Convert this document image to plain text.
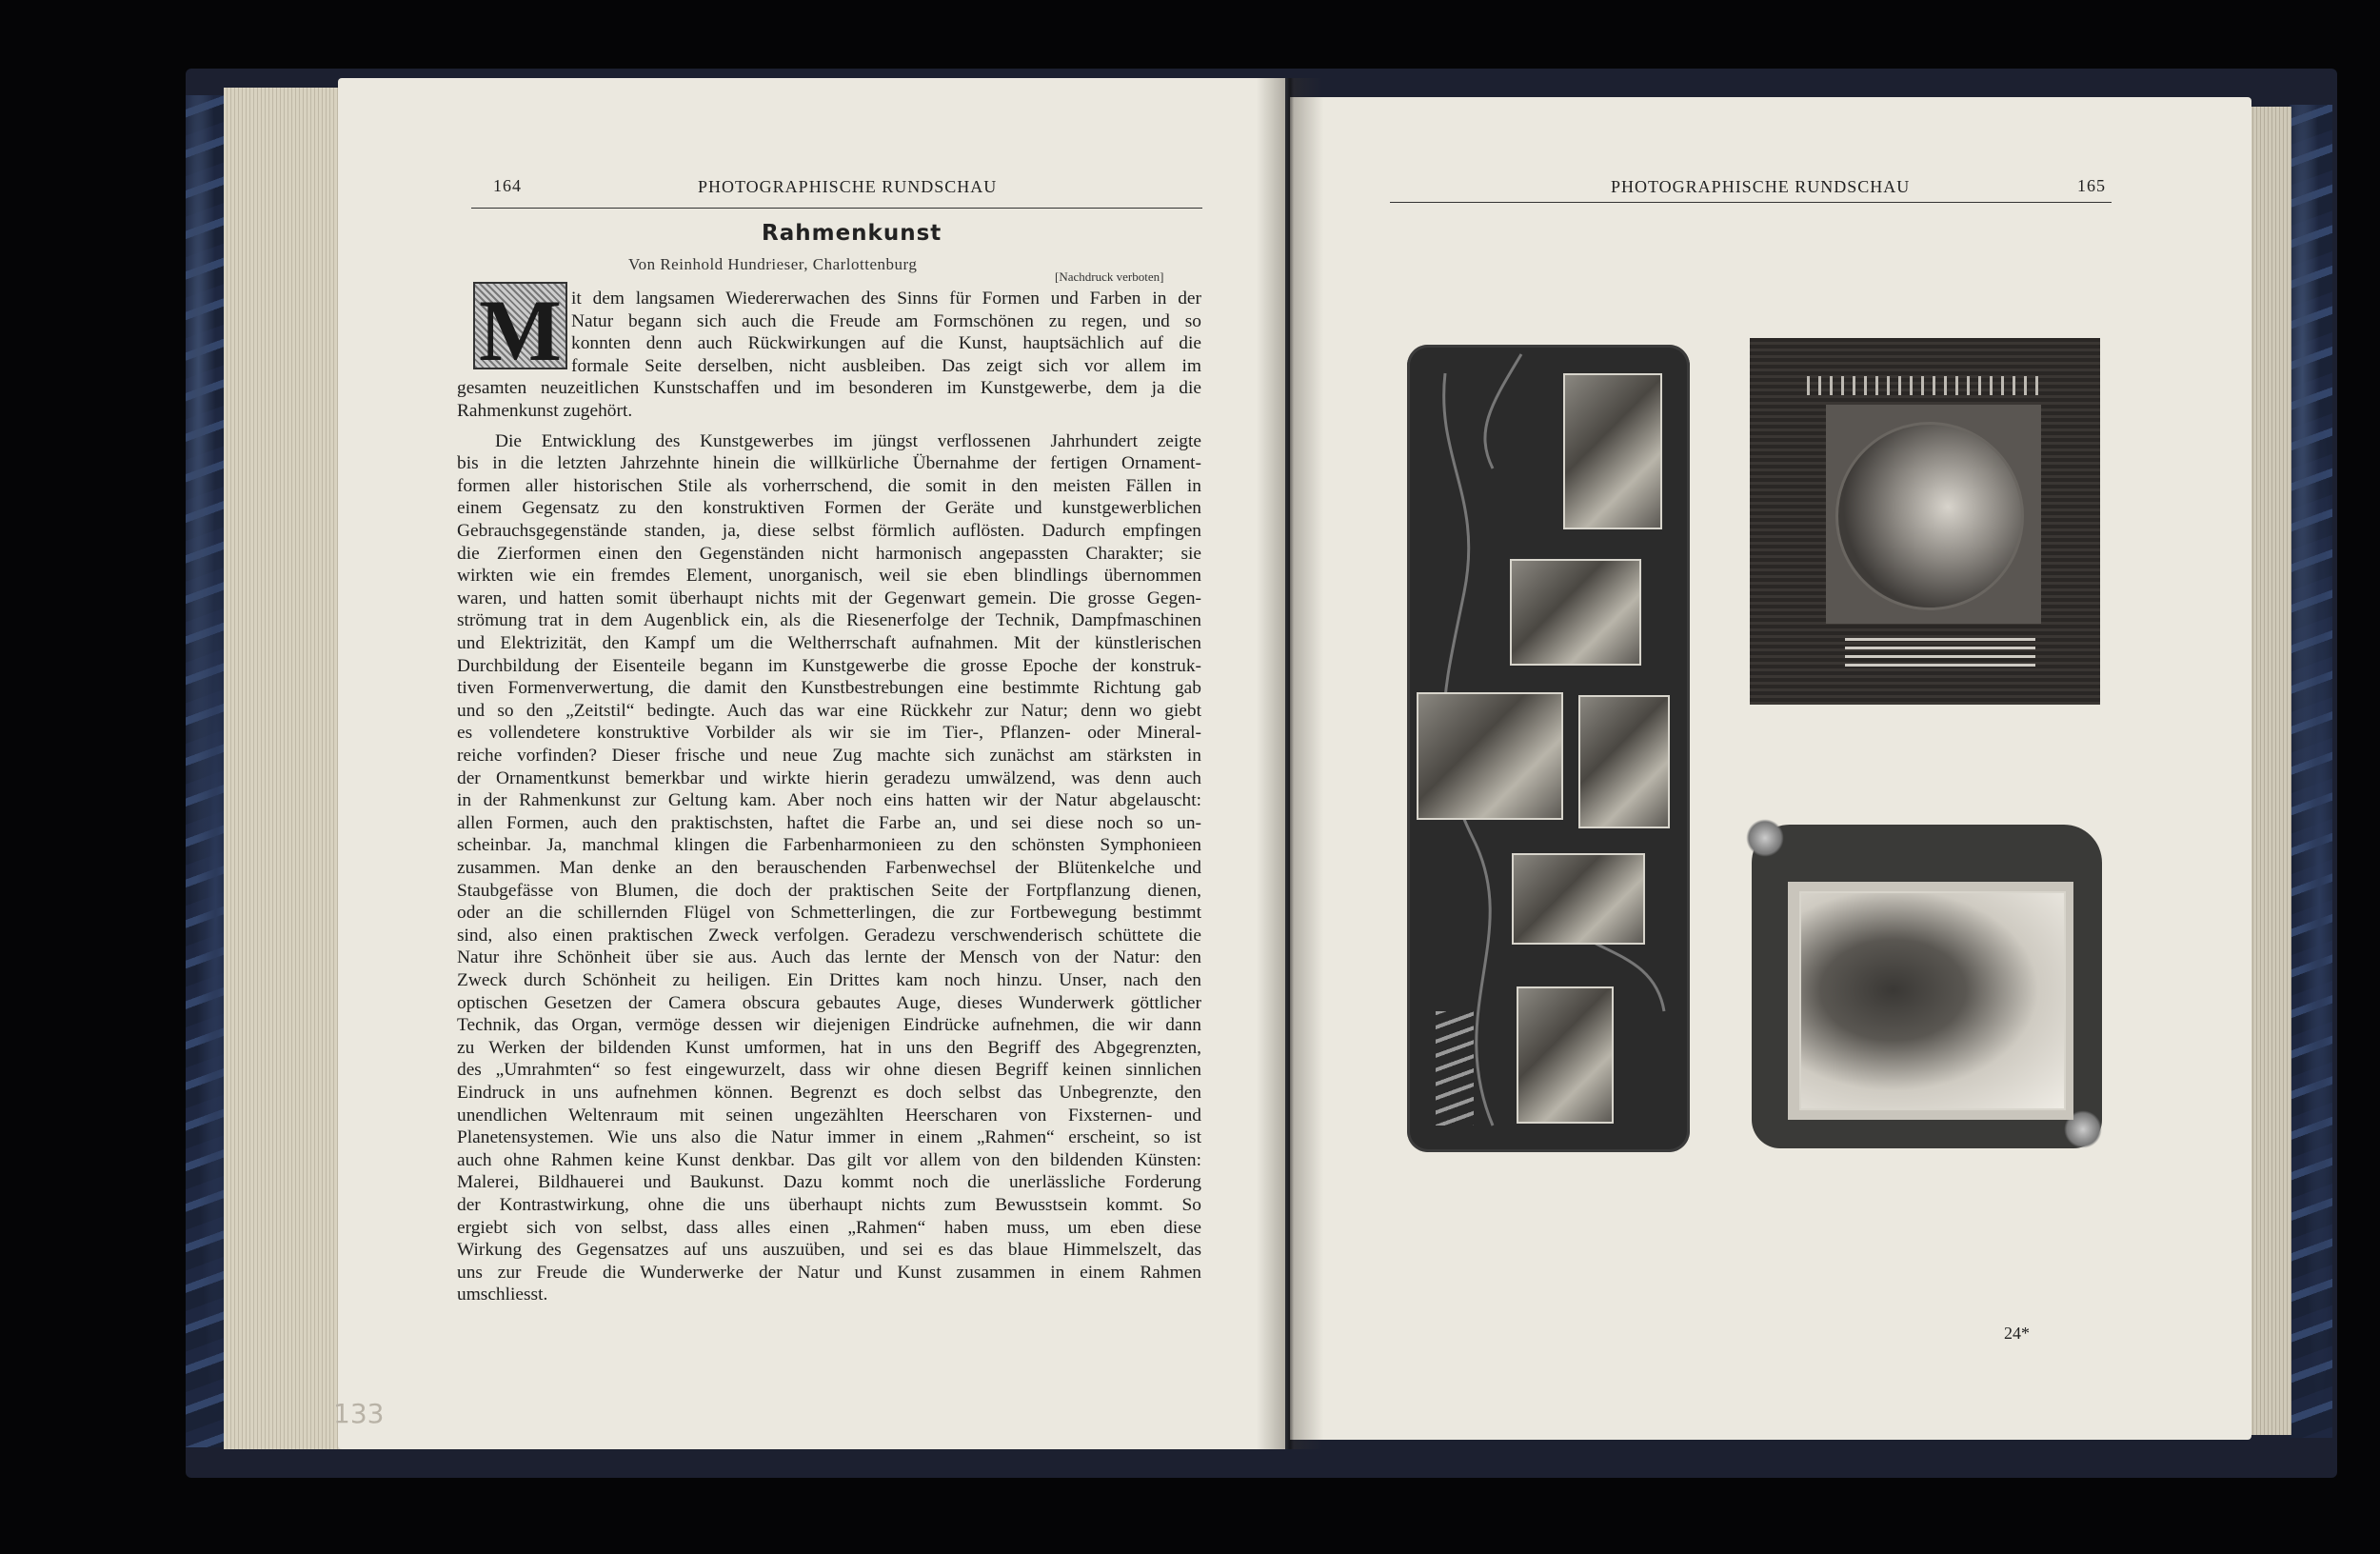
164	PHOTOGRAPHISCHE RUNDSCHAU
Rahmenkunst
Von Reinhold Hundrieser, Charlottenburg
[Nachdruck verboten]
M it dem langsamen Wiedererwachen des Sinns für Formen und Farben in der
Natur begann sich auch die Freude am Formschönen zu regen, und so
konnten denn auch Rückwirkungen auf die Kunst, hauptsächlich auf die
formale Seite derselben, nicht ausbleiben. Das zeigt sich vor allem im
gesamten neuzeitlichen Kunstschaffen und im besonderen im Kunstgewerbe, dem ja die
Rahmenkunst zugehört.
Die Entwicklung des Kunstgewerbes im jüngst verflossenen Jahrhundert zeigte
bis in die letzten Jahrzehnte hinein die willkürliche Übernahme der fertigen Ornament-
formen aller historischen Stile als vorherrschend, die somit in den meisten Fällen in
einem Gegensatz zu den konstruktiven Formen der Geräte und kunstgewerblichen
Gebrauchsgegenstände standen, ja, diese selbst förmlich auflösten. Dadurch empfingen
die Zierformen einen den Gegenständen nicht harmonisch angepassten Charakter; sie
wirkten wie ein fremdes Element, unorganisch, weil sie eben blindlings übernommen
waren, und hatten somit überhaupt nichts mit der Gegenwart gemein. Die grosse Gegen-
strömung trat in dem Augenblick ein, als die Riesenerfolge der Technik, Dampfmaschinen
und Elektrizität, den Kampf um die Weltherrschaft aufnahmen. Mit der künstlerischen
Durchbildung der Eisenteile begann im Kunstgewerbe die grosse Epoche der konstruk-
tiven Formenverwertung, die damit den Kunstbestrebungen eine bestimmte Richtung gab
und so den „Zeitstil“ bedingte. Auch das war eine Rückkehr zur Natur; denn wo giebt
es vollendetere konstruktive Vorbilder als wir sie im Tier-, Pflanzen- oder Mineral-
reiche vorfinden? Dieser frische und neue Zug machte sich zunächst am stärksten in
der Ornamentkunst bemerkbar und wirkte hierin geradezu umwälzend, was denn auch
in der Rahmenkunst zur Geltung kam. Aber noch eins hatten wir der Natur abgelauscht:
allen Formen, auch den praktischsten, haftet die Farbe an, und sei diese noch so un-
scheinbar. Ja, manchmal klingen die Farbenharmonieen zu den schönsten Symphonieen
zusammen. Man denke an den berauschenden Farbenwechsel der Blütenkelche und
Staubgefässe von Blumen, die doch der praktischen Seite der Fortpflanzung dienen,
oder an die schillernden Flügel von Schmetterlingen, die zur Fortbewegung bestimmt
sind, also einen praktischen Zweck verfolgen. Geradezu verschwenderisch schüttete die
Natur ihre Schönheit über sie aus. Auch das lernte der Mensch von der Natur: den
Zweck durch Schönheit zu heiligen. Ein Drittes kam noch hinzu. Unser, nach den
optischen Gesetzen der Camera obscura gebautes Auge, dieses Wunderwerk göttlicher
Technik, das Organ, vermöge dessen wir diejenigen Eindrücke aufnehmen, die wir dann
zu Werken der bildenden Kunst umformen, hat in uns den Begriff des Abgegrenzten,
des „Umrahmten“ so fest eingewurzelt, dass wir ohne diesen Begriff keinen sinnlichen
Eindruck in uns aufnehmen können. Begrenzt es doch selbst das Unbegrenzte, den
unendlichen Weltenraum mit seinen ungezählten Heerscharen von Fixsternen- und
Planetensystemen. Wie uns also die Natur immer in einem „Rahmen“ erscheint, so ist
auch ohne Rahmen keine Kunst denkbar. Das gilt vor allem von den bildenden Künsten:
Malerei, Bildhauerei und Baukunst. Dazu kommt noch die unerlässliche Forderung
der Kontrastwirkung, ohne die uns überhaupt nichts zum Bewusstsein kommt. So
ergiebt sich von selbst, dass alles einen „Rahmen“ haben muss, um eben diese
Wirkung des Gegensatzes auf uns auszuüben, und sei es das blaue Himmelszelt, das
uns zur Freude die Wunderwerke der Natur und Kunst zusammen in einem Rahmen
umschliesst.
133
PHOTOGRAPHISCHE RUNDSCHAU	165
24*
